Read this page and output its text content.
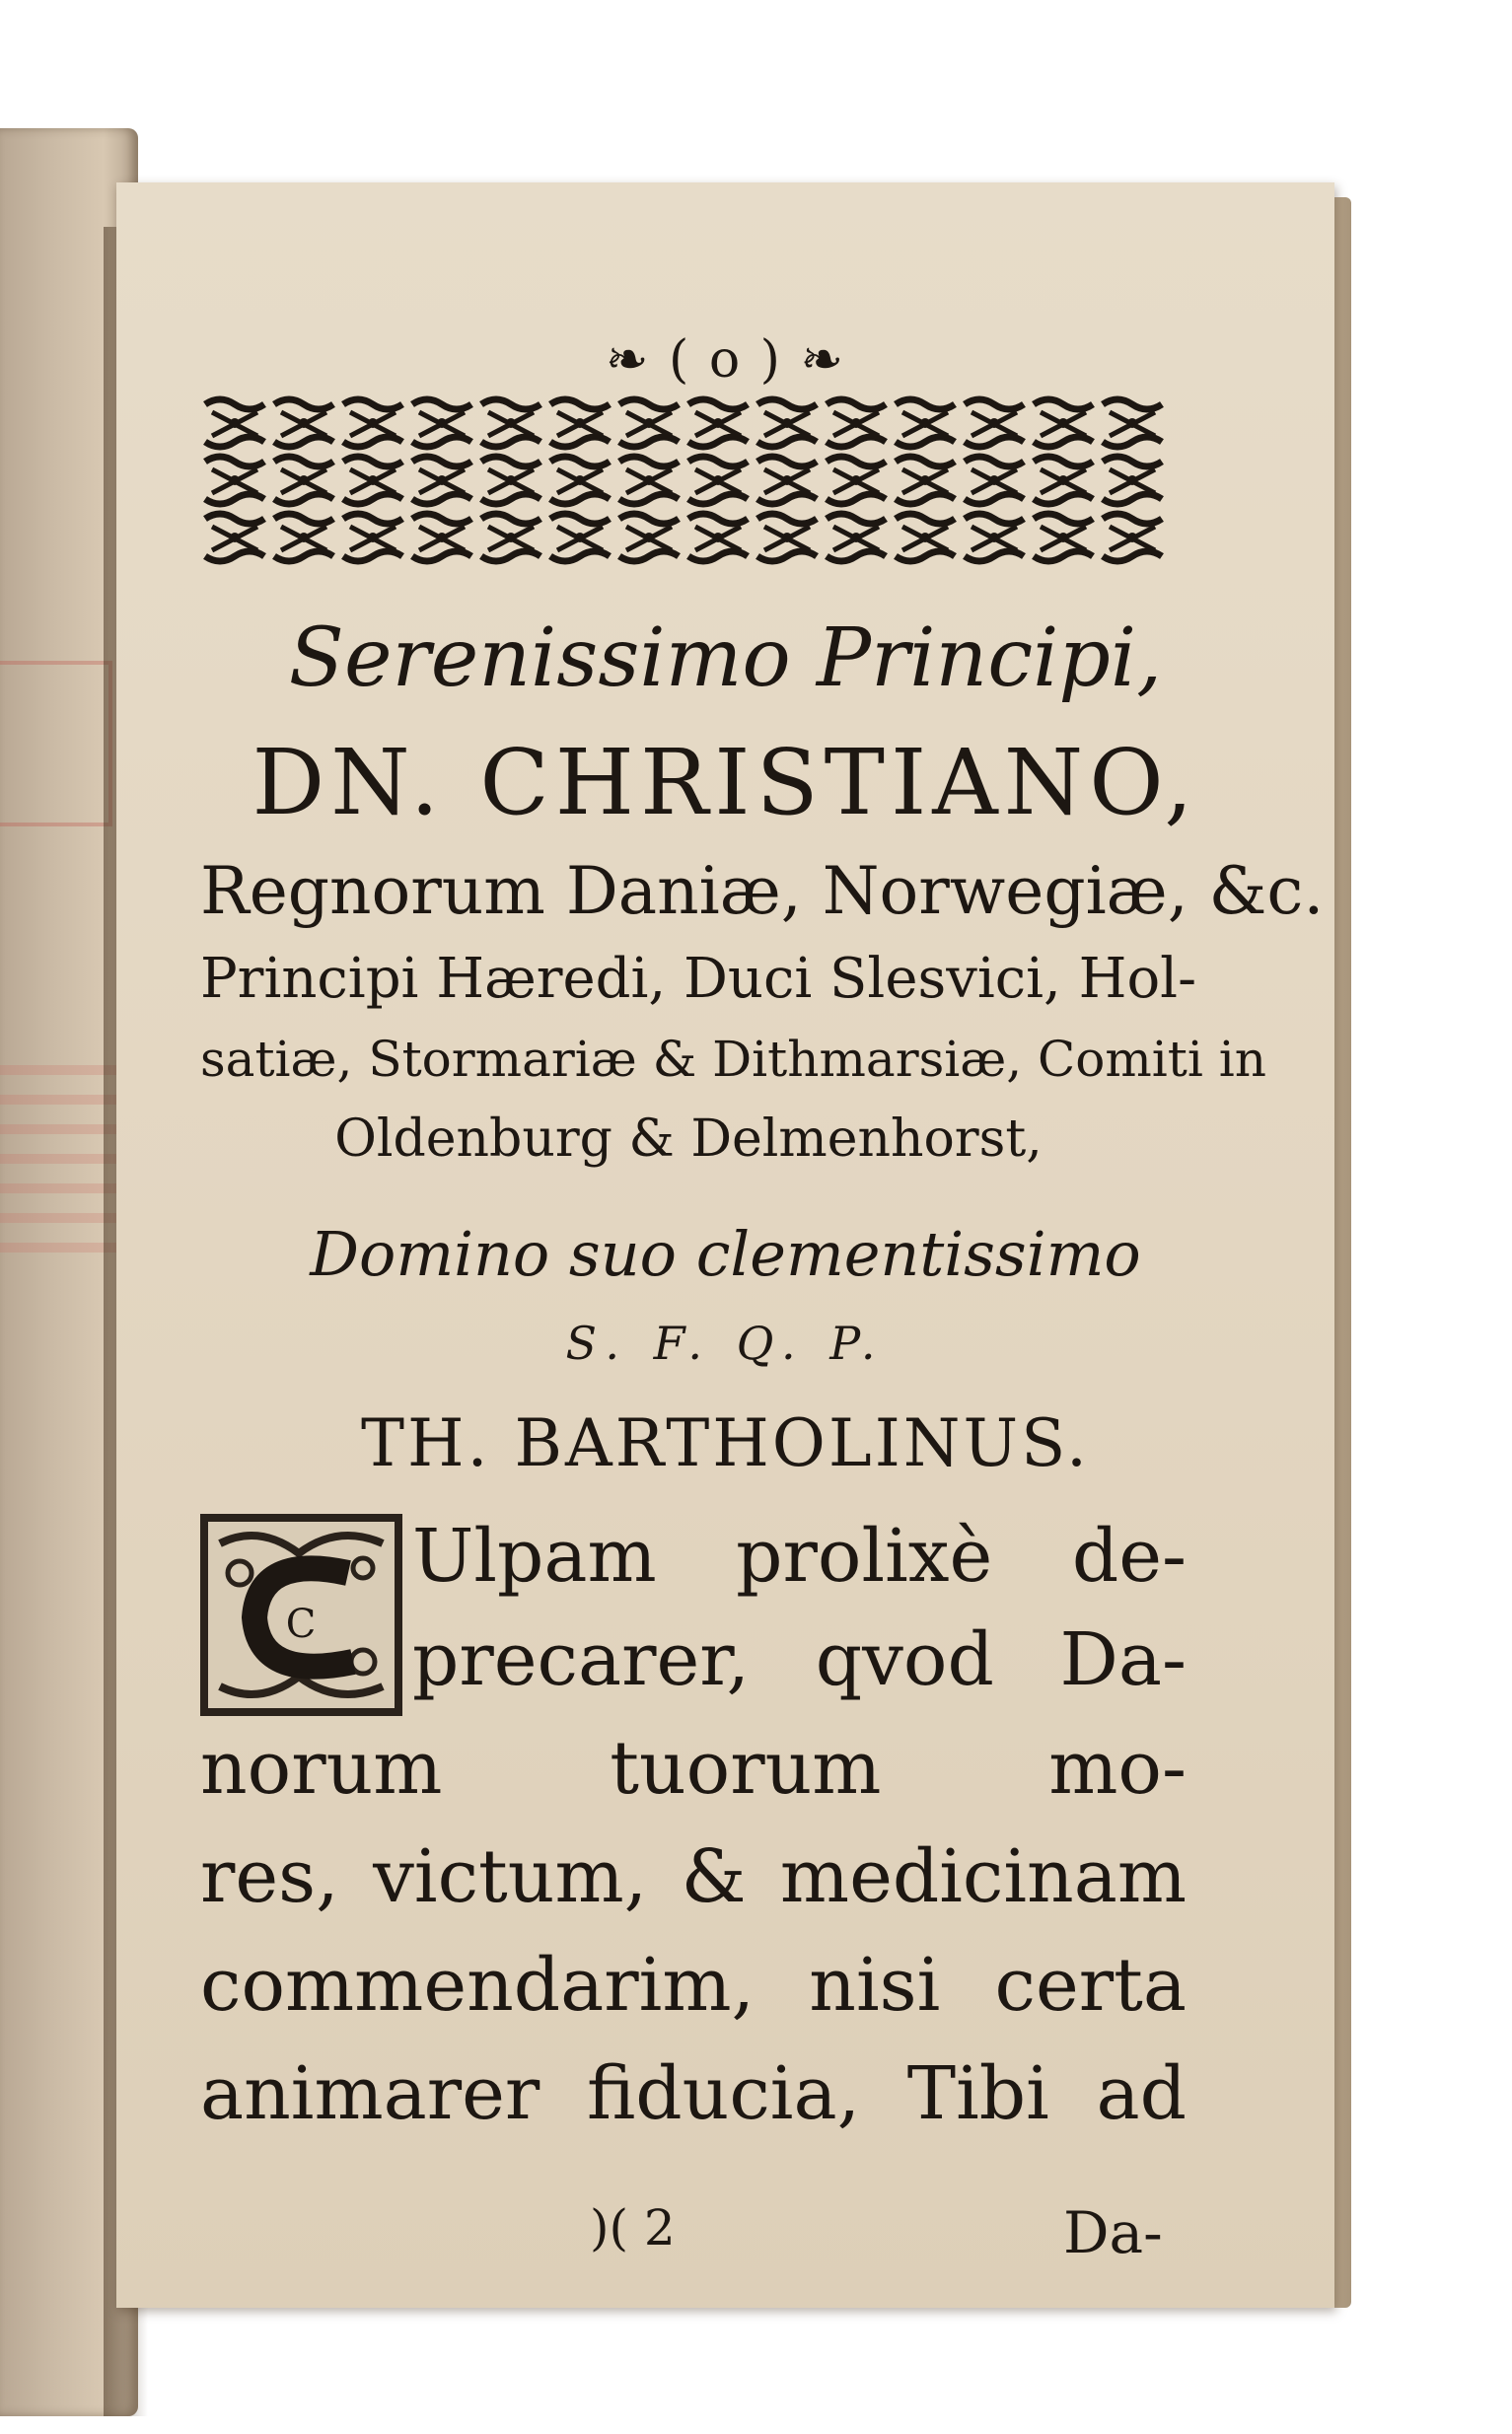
❧ ( o ) ❧
Serenissimo Principi,
DN. CHRISTIANO,
Regnorum Daniæ, Norwegiæ, &c.
Principi Hæredi, Duci Slesvici, Hol-
satiæ, Stormariæ & Dithmarsiæ, Comiti in
Oldenburg & Delmenhorst,
Domino suo clementissimo
S. F. Q. P.
TH. BARTHOLINUS.
C
Ulpam prolixè de-
precarer, qvod Da-
norum tuorum mo-
res, victum, & medicinam
commendarim, nisi certa
animarer fiducia, Tibi ad
)( 2	Da-
